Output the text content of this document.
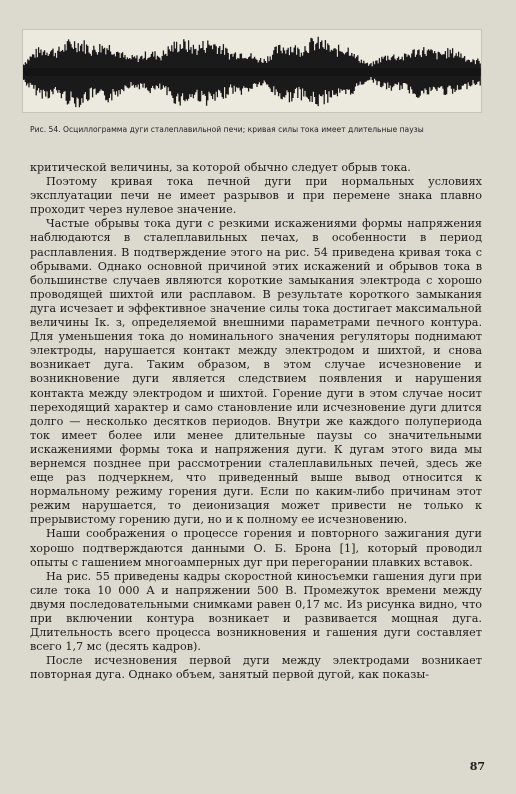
Рис. 54. Осциллограмма дуги сталеплавильной печи; кривая силы тока имеет длительные паузы

критической величины, за которой обычно следует обрыв тока.

Поэтому кривая тока печной дуги при нормальных условиях эксплуатации печи не имеет разрывов и при перемене знака плавно проходит через нулевое значение.

Частые обрывы тока дуги с резкими искажениями формы напряжения наблюдаются в сталеплавильных печах, в особенности в период расплавления. В подтверждение этого на рис. 54 приведена кривая тока с обрывами. Однако основной причиной этих искажений и обрывов тока в большинстве случаев являются короткие замыкания электрода с хорошо проводящей шихтой или расплавом. В результате короткого замыкания дуга исчезает и эффективное значение силы тока достигает максимальной величины Iк. з, определяемой внешними параметрами печного контура. Для уменьшения тока до номинального значения регуляторы поднимают электроды, нарушается контакт между электродом и шихтой, и снова возникает дуга. Таким образом, в этом случае исчезновение и возникновение дуги является следствием появления и нарушения контакта между электродом и шихтой. Горение дуги в этом случае носит переходящий характер и само становление или исчезновение дуги длится долго — несколько десятков периодов. Внутри же каждого полупериода ток имеет более или менее длительные паузы со значительными искажениями формы тока и напряжения дуги. К дугам этого вида мы вернемся позднее при рассмотрении сталеплавильных печей, здесь же еще раз подчеркнем, что приведенный выше вывод относится к нормальному режиму горения дуги. Если по каким-либо причинам этот режим нарушается, то деионизация может привести не только к прерывистому горению дуги, но и к полному ее исчезновению.

Наши соображения о процессе горения и повторного зажигания дуги хорошо подтверждаются данными О. Б. Брона [1], который проводил опыты с гашением многоамперных дуг при перегорании плавких вставок.

На рис. 55 приведены кадры скоростной киносъемки гашения дуги при силе тока 10 000 А и напряжении 500 В. Промежуток времени между двумя последовательными снимками равен 0,17 мс. Из рисунка видно, что при включении контура возникает и развивается мощная дуга. Длительность всего процесса возникновения и гашения дуги составляет всего 1,7 мс (десять кадров).

После исчезновения первой дуги между электродами возникает повторная дуга. Однако объем, занятый первой дугой, как показы-

87
